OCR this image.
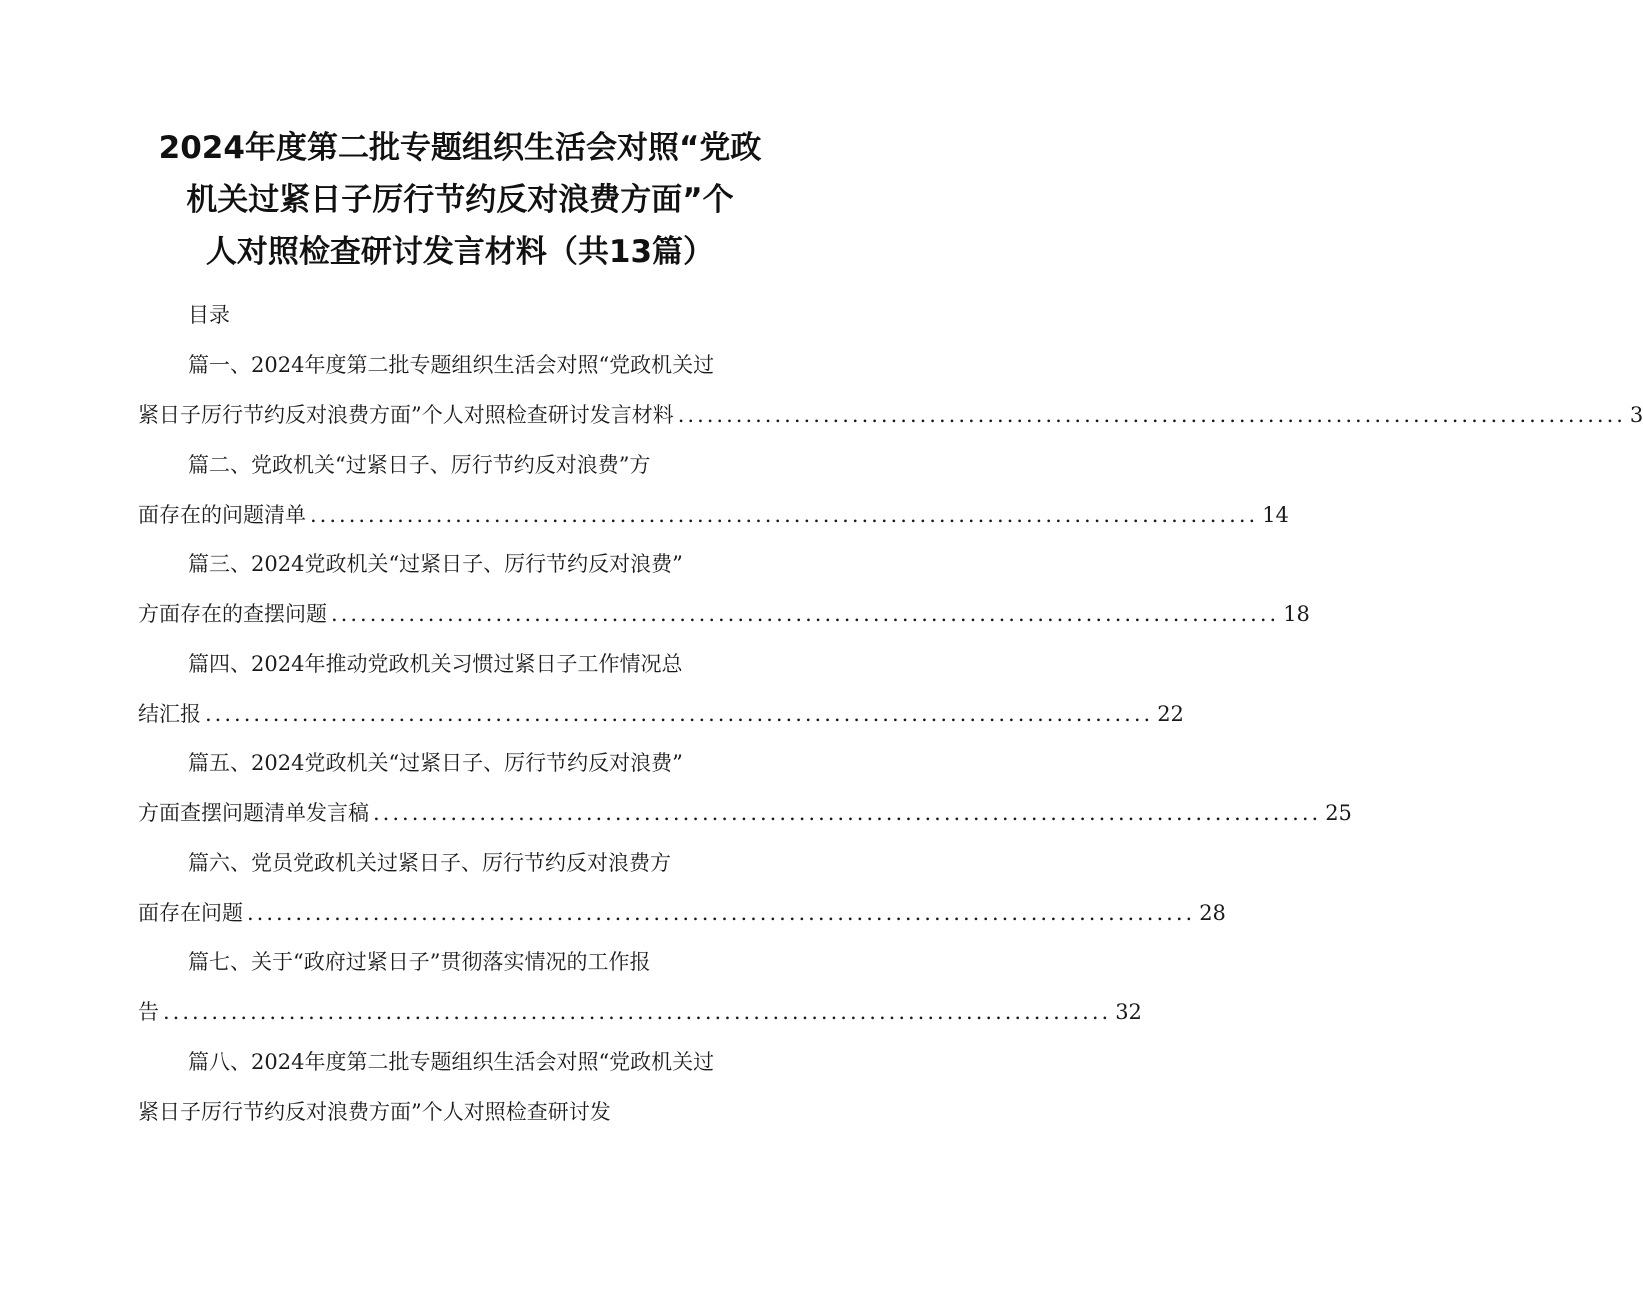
2024年度第二批专题组织生活会对照“党政
机关过紧日子厉行节约反对浪费方面”个
人对照检查研讨发言材料（共13篇）
目录
篇一、2024年度第二批专题组织生活会对照“党政机关过
紧日子厉行节约反对浪费方面”个人对照检查研讨发言材料 .................................................................................................. 3
篇二、党政机关“过紧日子、厉行节约反对浪费”方
面存在的问题清单 .................................................................................................. 14
篇三、2024党政机关“过紧日子、厉行节约反对浪费”
方面存在的查摆问题 .................................................................................................. 18
篇四、2024年推动党政机关习惯过紧日子工作情况总
结汇报 .................................................................................................. 22
篇五、2024党政机关“过紧日子、厉行节约反对浪费”
方面查摆问题清单发言稿 .................................................................................................. 25
篇六、党员党政机关过紧日子、厉行节约反对浪费方
面存在问题 .................................................................................................. 28
篇七、关于“政府过紧日子”贯彻落实情况的工作报
告 .................................................................................................. 32
篇八、2024年度第二批专题组织生活会对照“党政机关过
紧日子厉行节约反对浪费方面”个人对照检查研讨发
